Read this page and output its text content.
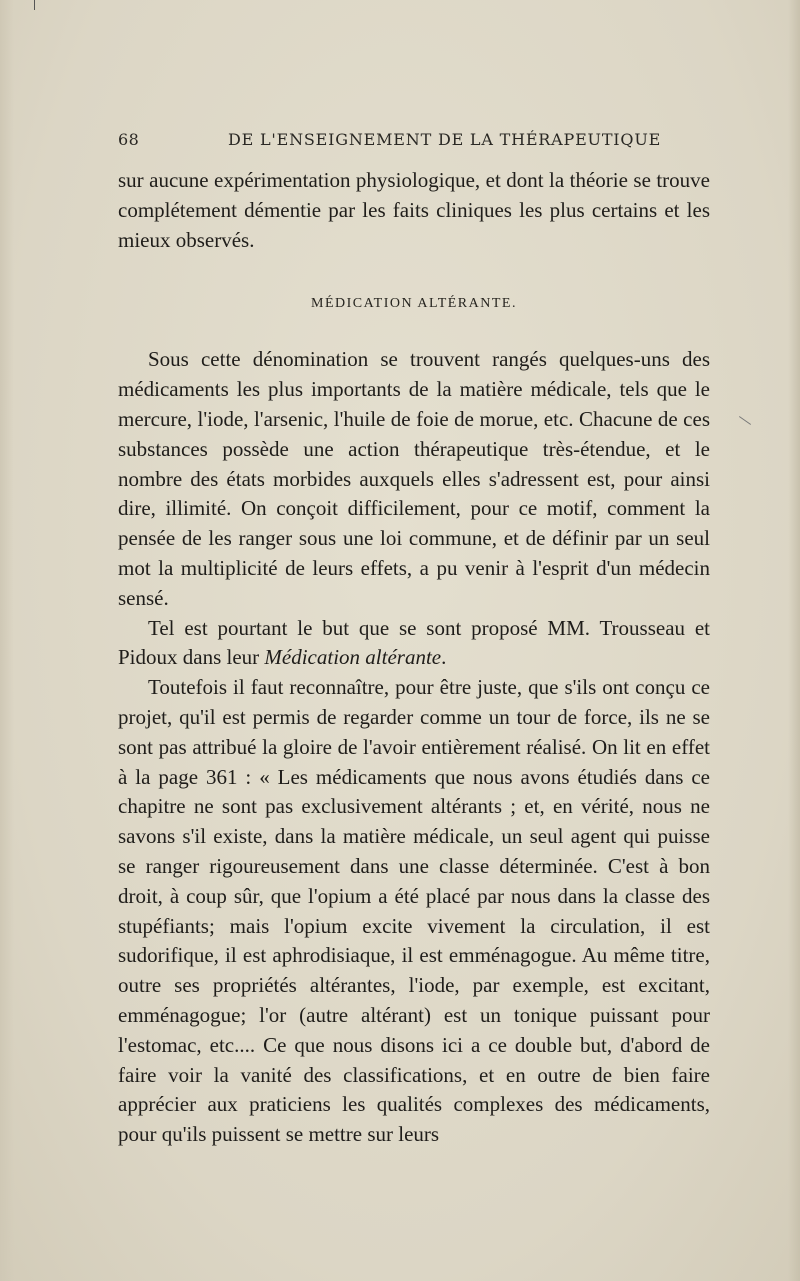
68	DE L'ENSEIGNEMENT DE LA THÉRAPEUTIQUE

sur aucune expérimentation physiologique, et dont la théorie se trouve complétement démentie par les faits cliniques les plus certains et les mieux observés.

MÉDICATION ALTÉRANTE.

Sous cette dénomination se trouvent rangés quelques-uns des médicaments les plus importants de la matière médicale, tels que le mercure, l'iode, l'arsenic, l'huile de foie de morue, etc. Chacune de ces substances possède une action thérapeutique très-étendue, et le nombre des états morbides auxquels elles s'adressent est, pour ainsi dire, illimité. On conçoit difficilement, pour ce motif, comment la pensée de les ranger sous une loi commune, et de définir par un seul mot la multiplicité de leurs effets, a pu venir à l'esprit d'un médecin sensé.

Tel est pourtant le but que se sont proposé MM. Trousseau et Pidoux dans leur Médication altérante.

Toutefois il faut reconnaître, pour être juste, que s'ils ont conçu ce projet, qu'il est permis de regarder comme un tour de force, ils ne se sont pas attribué la gloire de l'avoir entièrement réalisé. On lit en effet à la page 361 : « Les médicaments que nous avons étudiés dans ce chapitre ne sont pas exclusivement altérants ; et, en vérité, nous ne savons s'il existe, dans la matière médicale, un seul agent qui puisse se ranger rigoureusement dans une classe déterminée. C'est à bon droit, à coup sûr, que l'opium a été placé par nous dans la classe des stupéfiants; mais l'opium excite vivement la circulation, il est sudorifique, il est aphrodisiaque, il est emménagogue. Au même titre, outre ses propriétés altérantes, l'iode, par exemple, est excitant, emménagogue; l'or (autre altérant) est un tonique puissant pour l'estomac, etc.... Ce que nous disons ici a ce double but, d'abord de faire voir la vanité des classifications, et en outre de bien faire apprécier aux praticiens les qualités complexes des médicaments, pour qu'ils puissent se mettre sur leurs
